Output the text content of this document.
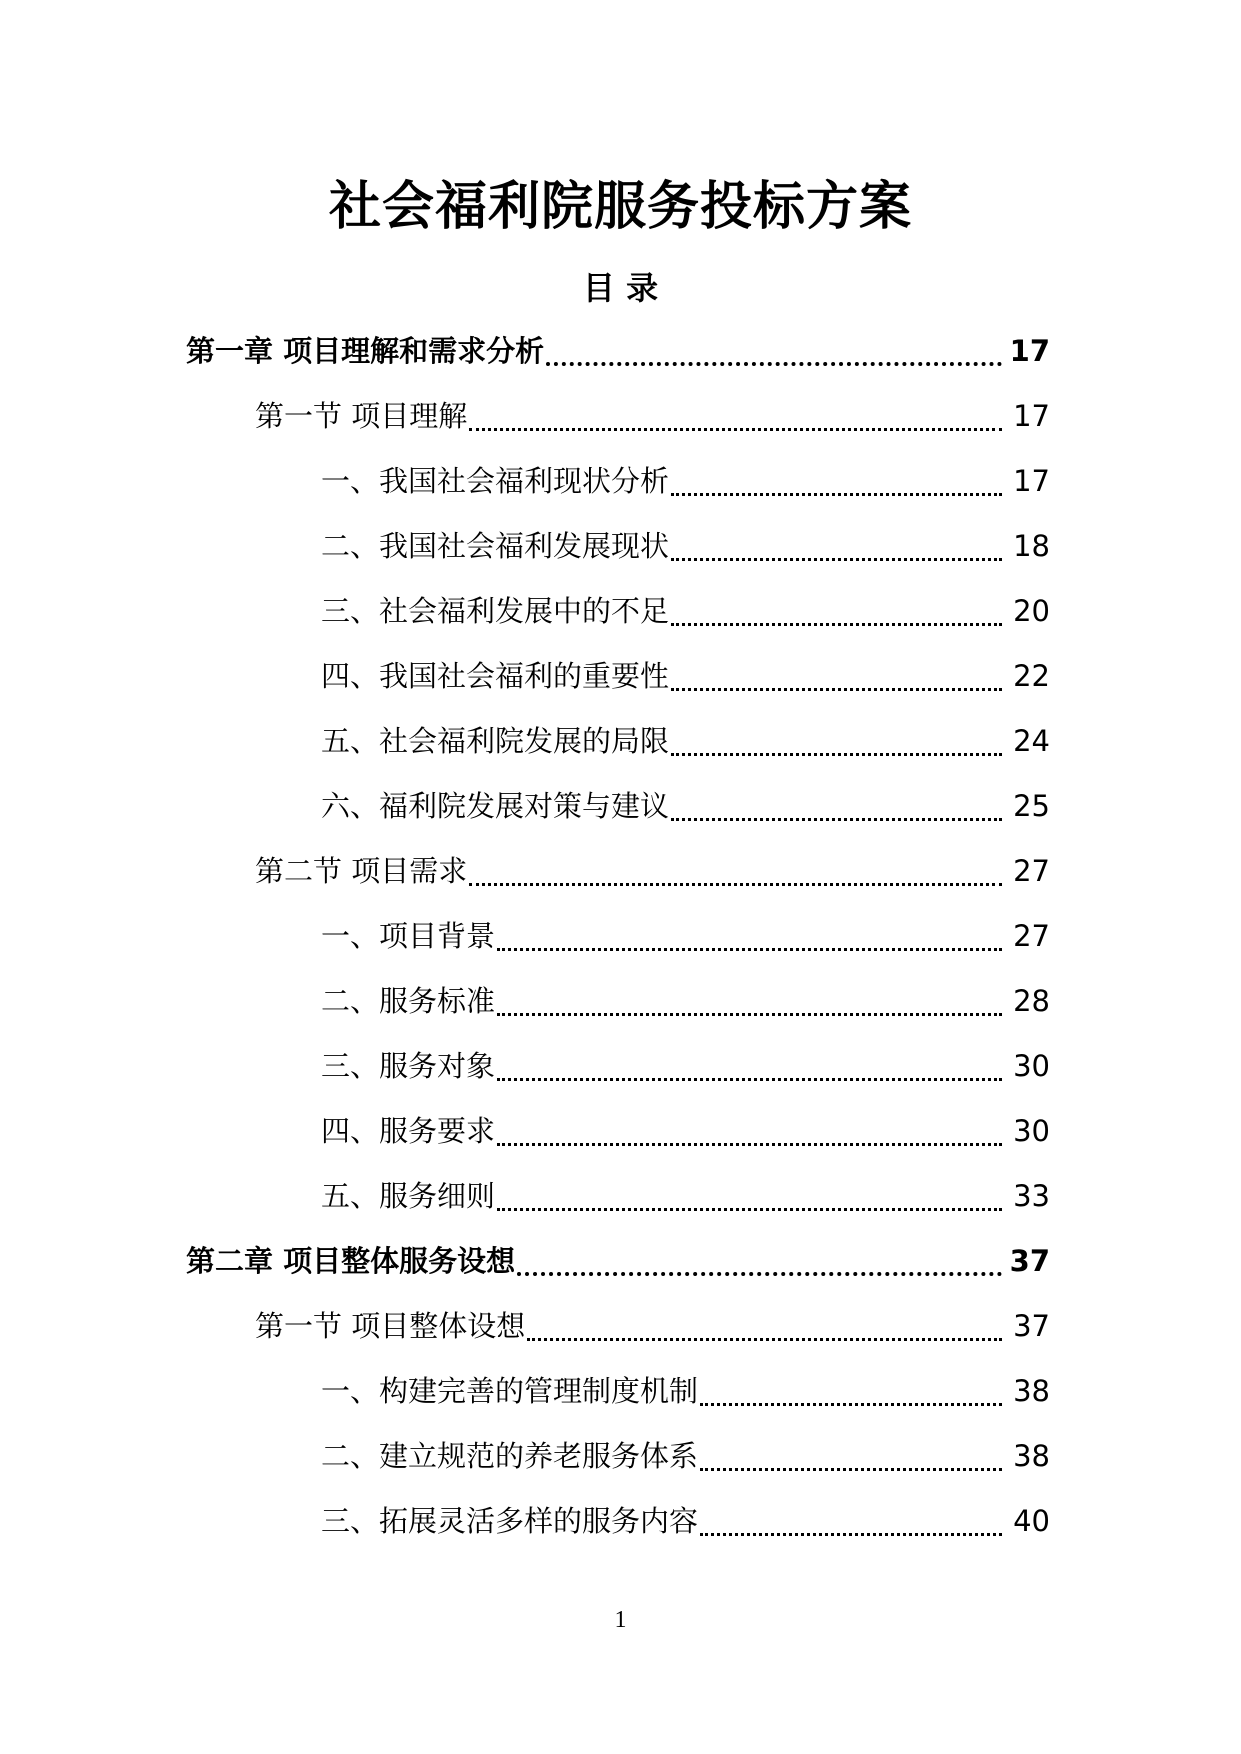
社会福利院服务投标方案
目 录
第一章 项目理解和需求分析	17
第一节 项目理解	17
一、我国社会福利现状分析	17
二、我国社会福利发展现状	18
三、社会福利发展中的不足	20
四、我国社会福利的重要性	22
五、社会福利院发展的局限	24
六、福利院发展对策与建议	25
第二节 项目需求	27
一、项目背景	27
二、服务标准	28
三、服务对象	30
四、服务要求	30
五、服务细则	33
第二章 项目整体服务设想	37
第一节 项目整体设想	37
一、构建完善的管理制度机制	38
二、建立规范的养老服务体系	38
三、拓展灵活多样的服务内容	40
1
